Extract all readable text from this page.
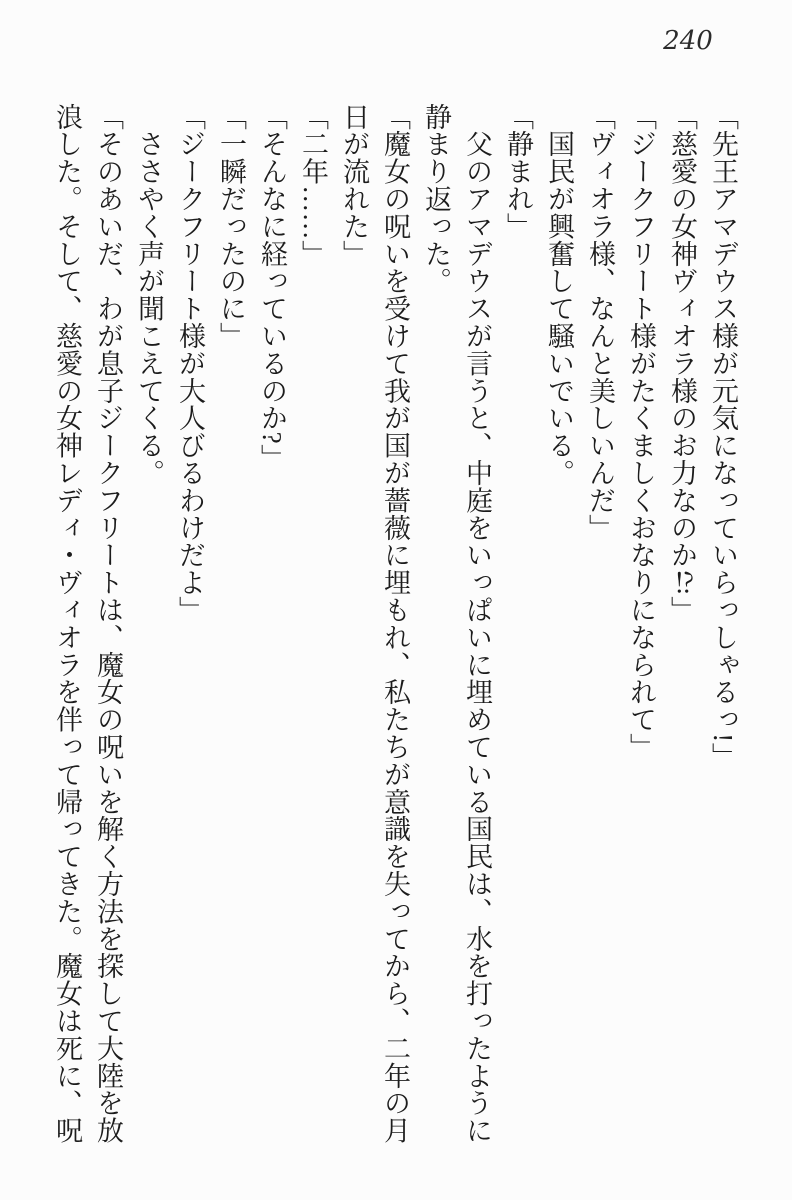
240

「先王アマデウス様が元気になっていらっしゃるっ!」

「慈愛の女神ヴィオラ様のお力なのか⁉」

「ジークフリート様がたくましくおなりになられて」

「ヴィオラ様、なんと美しいんだ」

　国民が興奮して騒いでいる。

「静まれ」

　父のアマデウスが言うと、中庭をいっぱいに埋めている国民は、水を打ったように

静まり返った。

「魔女の呪いを受けて我が国が薔薇に埋もれ、私たちが意識を失ってから、二年の月

日が流れた」

「二年……」

「そんなに経っているのか?」

「一瞬だったのに」

「ジークフリート様が大人びるわけだよ」

　ささやく声が聞こえてくる。

「そのあいだ、わが息子ジークフリートは、魔女の呪いを解く方法を探して大陸を放

浪した。そして、慈愛の女神レディ・ヴィオラを伴って帰ってきた。魔女は死に、呪
